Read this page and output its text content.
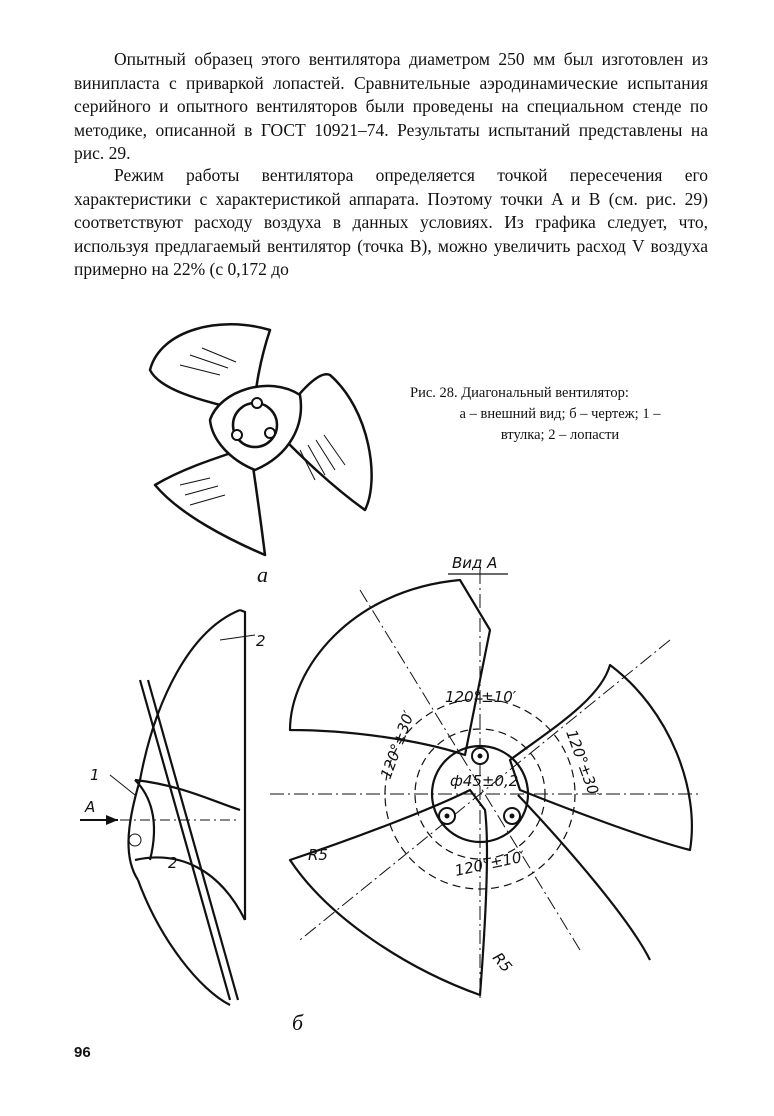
Опытный образец этого вентилятора диаметром 250 мм был изготовлен из винипласта с приваркой лопастей. Сравнительные аэродинамические испытания серийного и опытного вентиляторов были проведены на специальном стенде по методике, описанной в ГОСТ 10921–74. Результаты испытаний представлены на рис. 29.

Режим работы вентилятора определяется точкой пересечения его характеристики с характеристикой аппарата. Поэтому точки A и B (см. рис. 29) соответствуют расходу воздуха в данных условиях. Из графика следует, что, используя предлагаемый вентилятор (точка B), можно увеличить расход V воздуха примерно на 22% (с 0,172 до

а
Рис. 28. Диагональный вентилятор:
а – внешний вид; б – чертеж; 1 –
втулка; 2 – лопасти
1
2
2
А
Вид А
120°±10′
120°±30′	120°±30′
120°±10′
ф45±0,2
R5
R5
б
96
